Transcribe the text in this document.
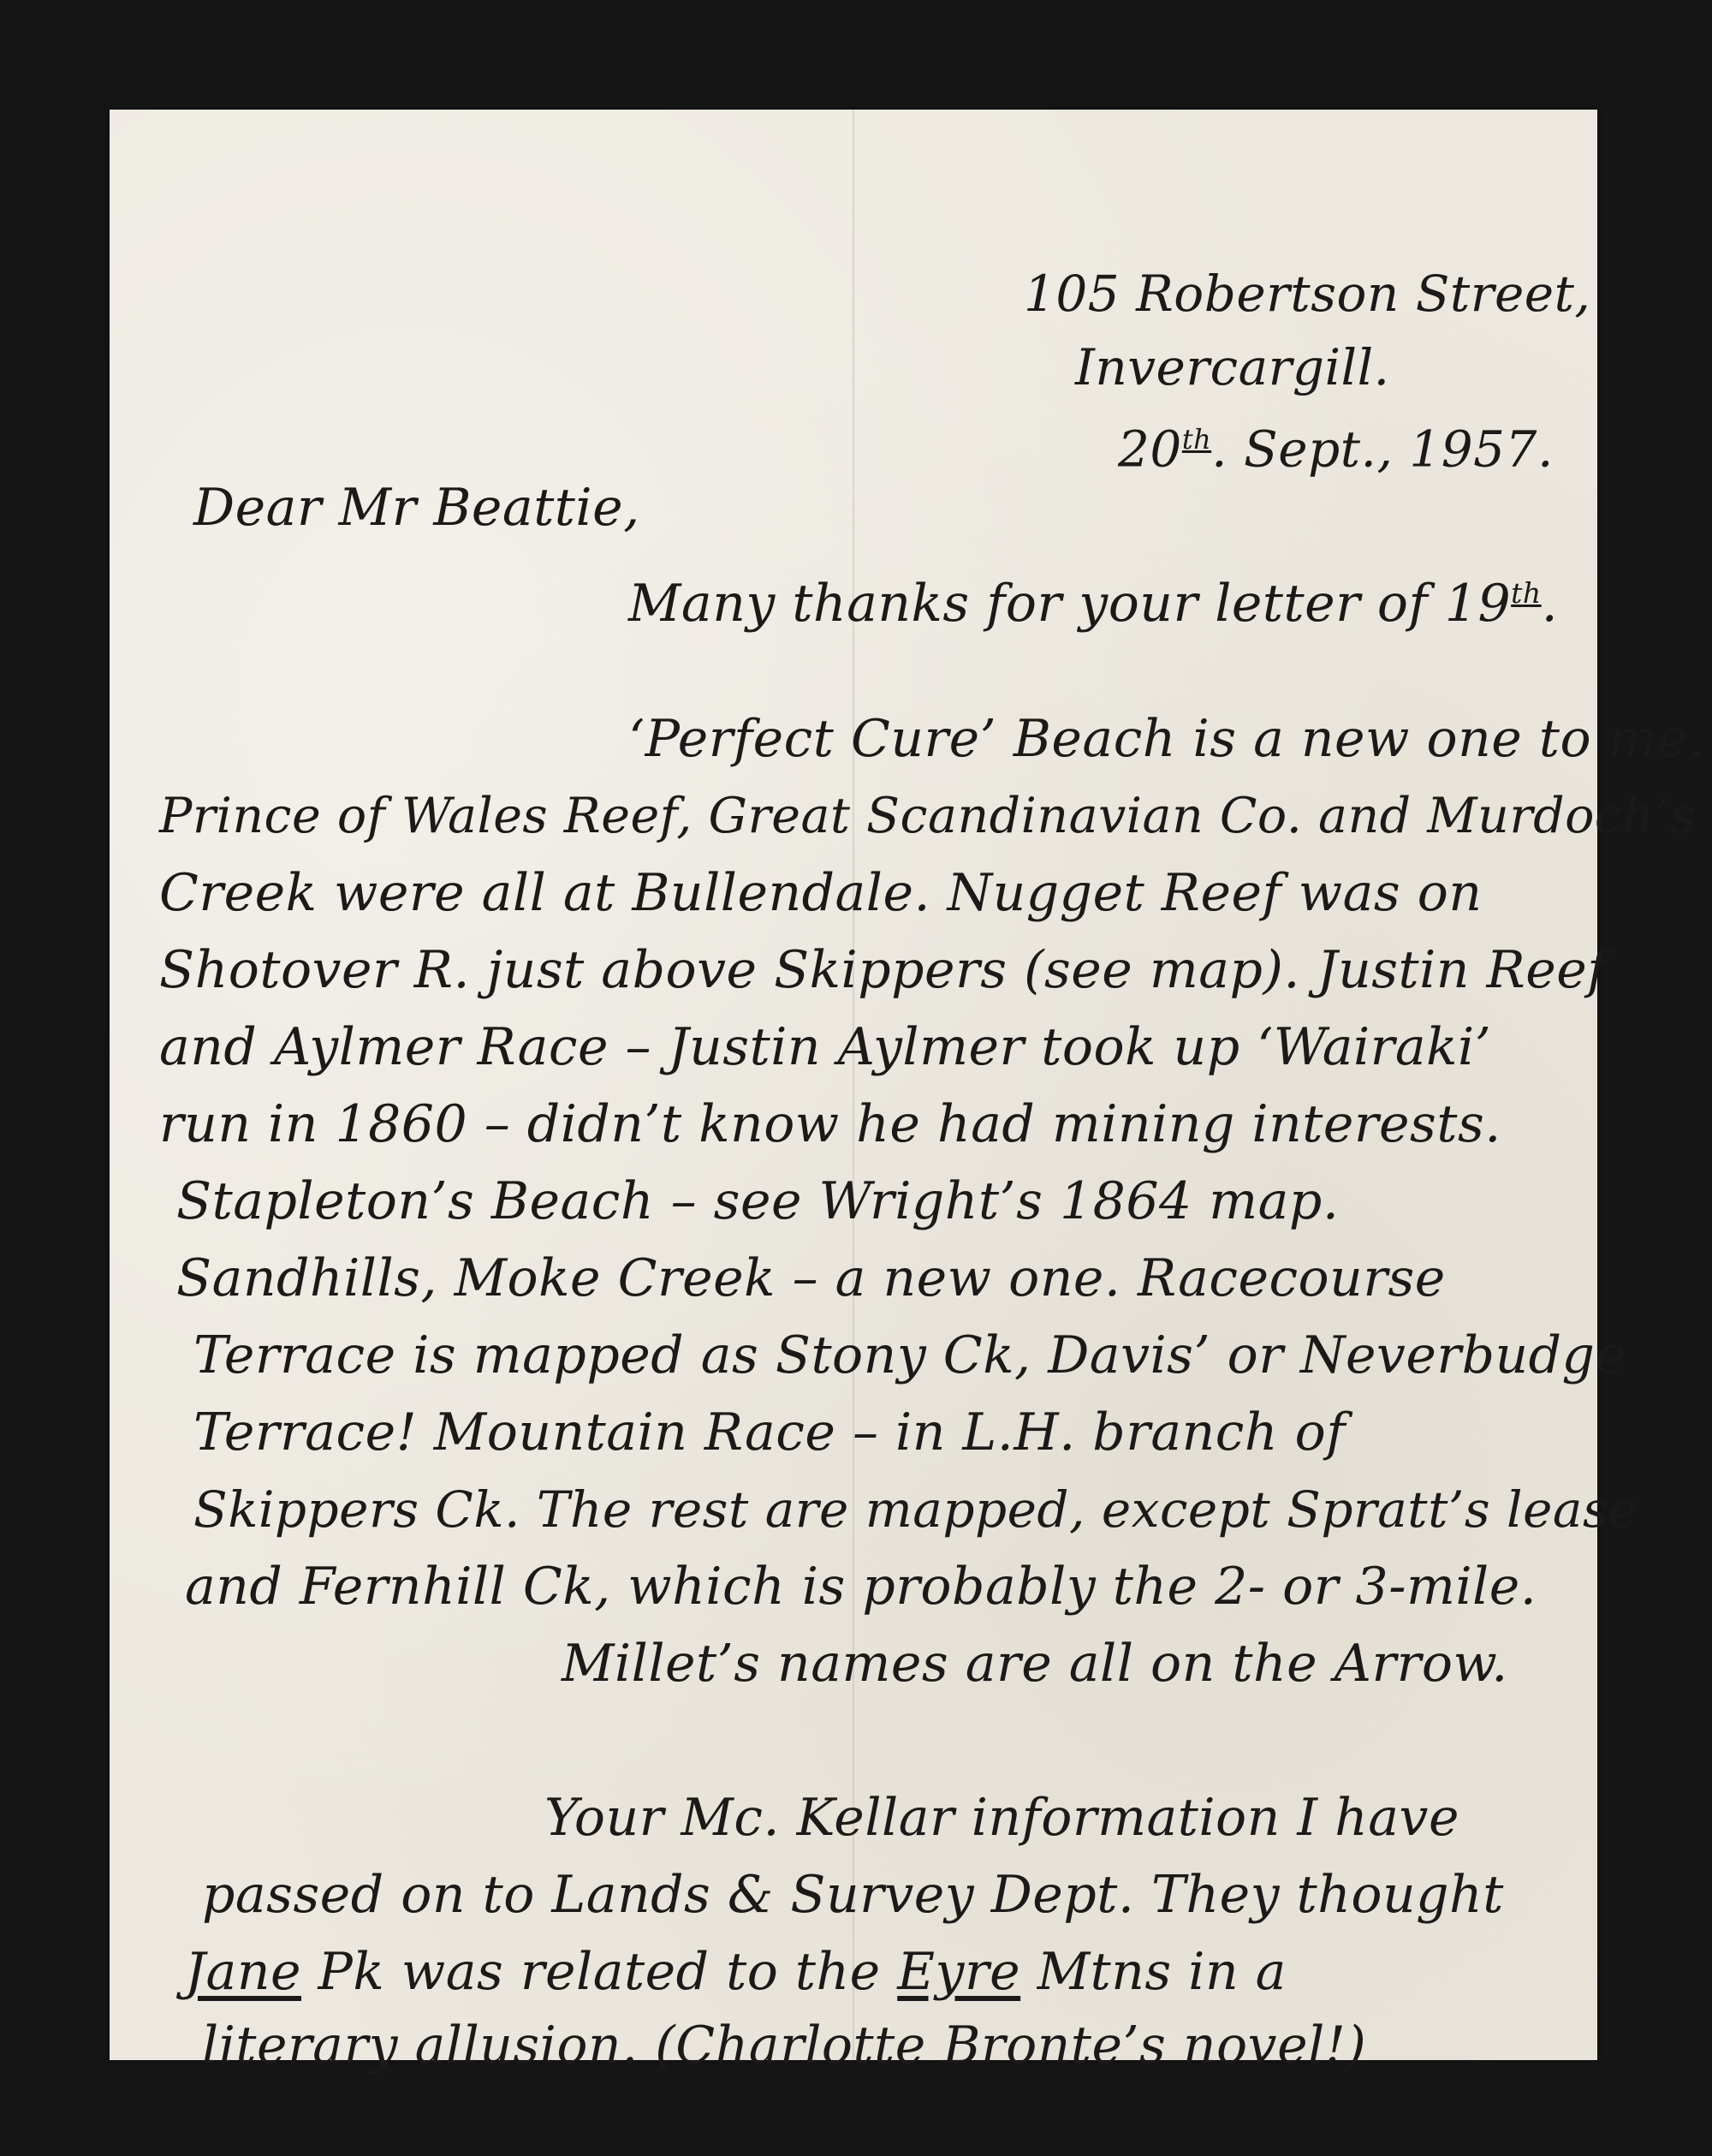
105 Robertson Street,
Invercargill.
20th. Sept., 1957.
Dear Mr Beattie,
Many thanks for your letter of 19th.
‘Perfect Cure’ Beach is a new one to me.
Prince of Wales Reef, Great Scandinavian Co. and Murdoch’s
Creek were all at Bullendale. Nugget Reef was on
Shotover R. just above Skippers (see map). Justin Reef
and Aylmer Race – Justin Aylmer took up ‘Wairaki’
run in 1860 – didn’t know he had mining interests.
Stapleton’s Beach – see Wright’s 1864 map.
Sandhills, Moke Creek – a new one. Racecourse
Terrace is mapped as Stony Ck, Davis’ or Neverbudge
Terrace! Mountain Race – in L.H. branch of
Skippers Ck. The rest are mapped, except Spratt’s lease
and Fernhill Ck, which is probably the 2- or 3-mile.
Millet’s names are all on the Arrow.
Your Mc. Kellar information I have
passed on to Lands & Survey Dept. They thought
Jane Pk was related to the Eyre Mtns in a
literary allusion. (Charlotte Bronte’s novel!)
